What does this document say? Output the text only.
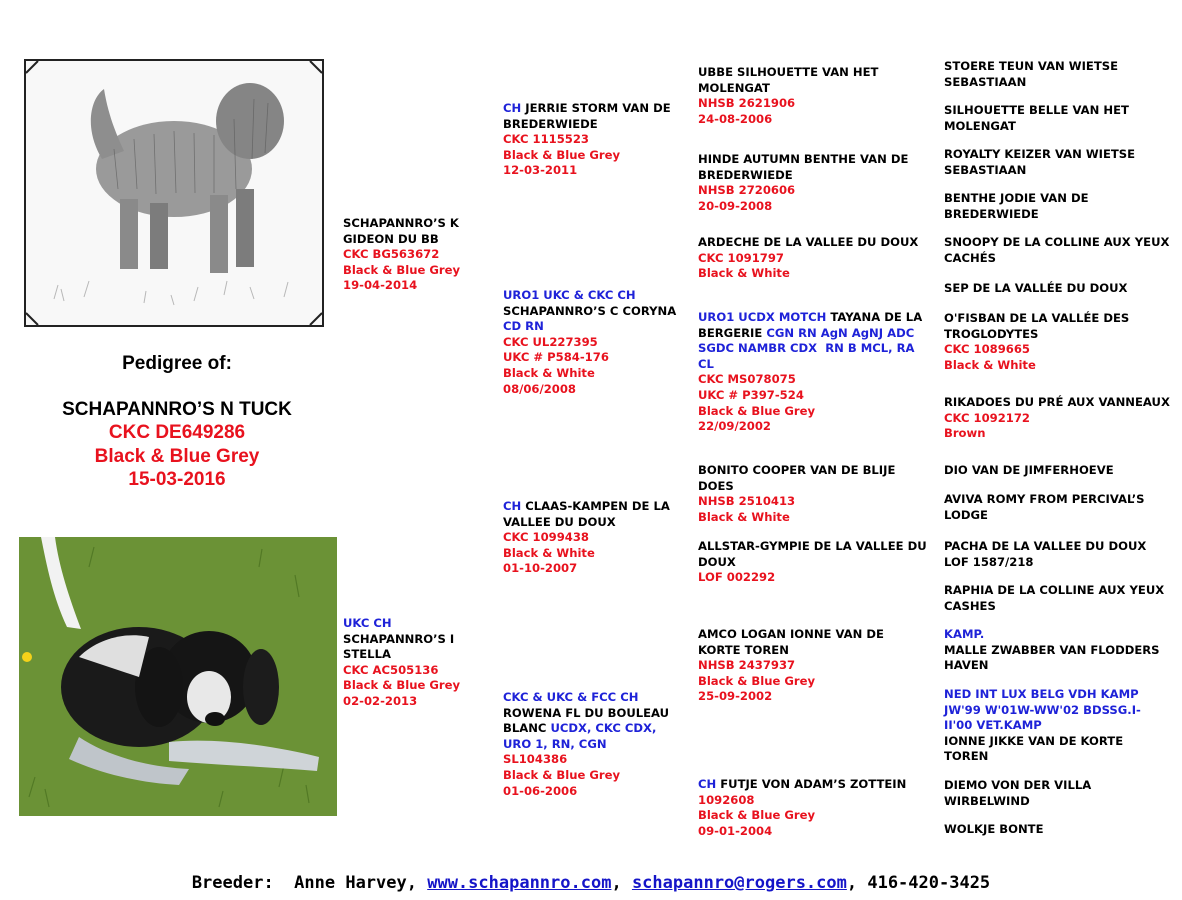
Pedigree of:
SCHAPANNRO’S N TUCK
CKC DE649286
Black & Blue Grey
15-03-2016
SCHAPANNRO’S K
GIDEON DU BB
CKC BG563672
Black & Blue Grey
19-04-2014
UKC CH
SCHAPANNRO’S I
STELLA
CKC AC505136
Black & Blue Grey
02-02-2013
CH JERRIE STORM VAN DE
BREDERWIEDE
CKC 1115523
Black & Blue Grey
12-03-2011
URO1 UKC & CKC CH
SCHAPANNRO’S C CORYNA
CD RN
CKC UL227395
UKC # P584-176
Black & White
08/06/2008
CH CLAAS-KAMPEN DE LA
VALLEE DU DOUX
CKC 1099438
Black & White
01-10-2007
CKC & UKC & FCC CH
ROWENA FL DU BOULEAU
BLANC UCDX, CKC CDX,
URO 1, RN, CGN
SL104386
Black & Blue Grey
01-06-2006
UBBE SILHOUETTE VAN HET
MOLENGAT
NHSB 2621906
24-08-2006
HINDE AUTUMN BENTHE VAN DE
BREDERWIEDE
NHSB 2720606
20-09-2008
ARDECHE DE LA VALLEE DU DOUX
CKC 1091797
Black & White
URO1 UCDX MOTCH TAYANA DE LA
BERGERIE CGN RN AgN AgNJ ADC
SGDC NAMBR CDX  RN B MCL, RA
CL
CKC MS078075
UKC # P397-524
Black & Blue Grey
22/09/2002
BONITO COOPER VAN DE BLIJE
DOES
NHSB 2510413
Black & White
ALLSTAR-GYMPIE DE LA VALLEE DU
DOUX
LOF 002292
AMCO LOGAN IONNE VAN DE
KORTE TOREN
NHSB 2437937
Black & Blue Grey
25-09-2002
CH FUTJE VON ADAM’S ZOTTEIN
1092608
Black & Blue Grey
09-01-2004
STOERE TEUN VAN WIETSE
SEBASTIAAN
SILHOUETTE BELLE VAN HET
MOLENGAT
ROYALTY KEIZER VAN WIETSE
SEBASTIAAN
BENTHE JODIE VAN DE
BREDERWIEDE
SNOOPY DE LA COLLINE AUX YEUX
CACHÉS
SEP DE LA VALLÉE DU DOUX
O'FISBAN DE LA VALLÉE DES
TROGLODYTES
CKC 1089665
Black & White
RIKADOES DU PRÉ AUX VANNEAUX
CKC 1092172
Brown
DIO VAN DE JIMFERHOEVE
AVIVA ROMY FROM PERCIVAL’S
LODGE
PACHA DE LA VALLEE DU DOUX
LOF 1587/218
RAPHIA DE LA COLLINE AUX YEUX
CASHES
KAMP.
MALLE ZWABBER VAN FLODDERS
HAVEN
NED INT LUX BELG VDH KAMP
JW'99 W'01W-WW'02 BDSSG.I-
II'00 VET.KAMP
IONNE JIKKE VAN DE KORTE
TOREN
DIEMO VON DER VILLA
WIRBELWIND
WOLKJE BONTE
Breeder:  Anne Harvey, www.schapannro.com, schapannro@rogers.com, 416-420-3425
